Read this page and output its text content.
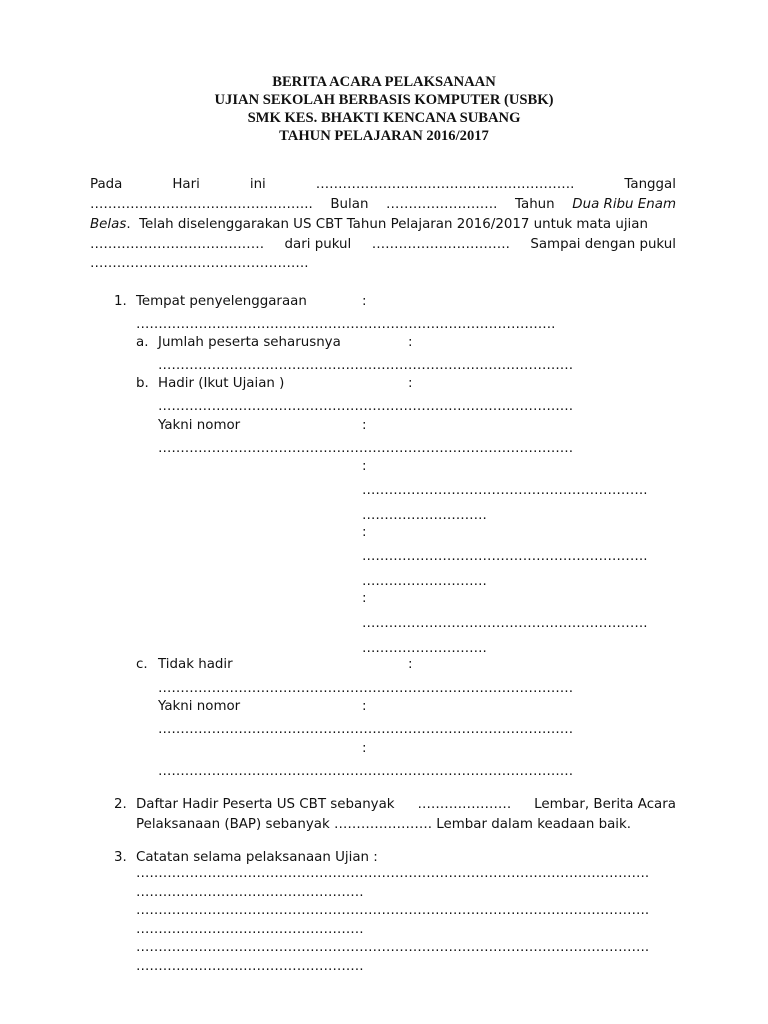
BERITA ACARA PELAKSANAAN
UJIAN SEKOLAH BERBASIS KOMPUTER (USBK)
SMK KES. BHAKTI KENCANA SUBANG
TAHUN PELAJARAN 2016/2017
Pada	Hari	ini	………………………………………………….	Tanggal
………………………………………….. Bulan ……………………. Tahun Dua Ribu Enam
Belas. Telah diselenggarakan US CBT Tahun Pelajaran 2016/2017 untuk mata ujian
………………………………… dari pukul …………………………. Sampai dengan pukul
………………………………………….
1. Tempat penyelenggaraan	:
………………………………………………………………………………….
a. Jumlah peserta seharusnya	:
…………………………………………………………………………………
b. Hadir (Ikut Ujaian )	:
…………………………………………………………………………………
Yakni nomor	:
…………………………………………………………………………………
:
……………………………………………………….
……………………….
:
……………………………………………………….
……………………….
:
……………………………………………………….
……………………….
c. Tidak hadir	:
…………………………………………………………………………………
Yakni nomor	:
…………………………………………………………………………………
:
…………………………………………………………………………………
2. Daftar Hadir Peserta US CBT sebanyak ………………… Lembar, Berita Acara
Pelaksanaan (BAP) sebanyak …………………. Lembar dalam keadaan baik.
3. Catatan selama pelaksanaan Ujian :
…………………………………………………………………………………………………….
……………………………………………
…………………………………………………………………………………………………….
……………………………………………
…………………………………………………………………………………………………….
……………………………………………
